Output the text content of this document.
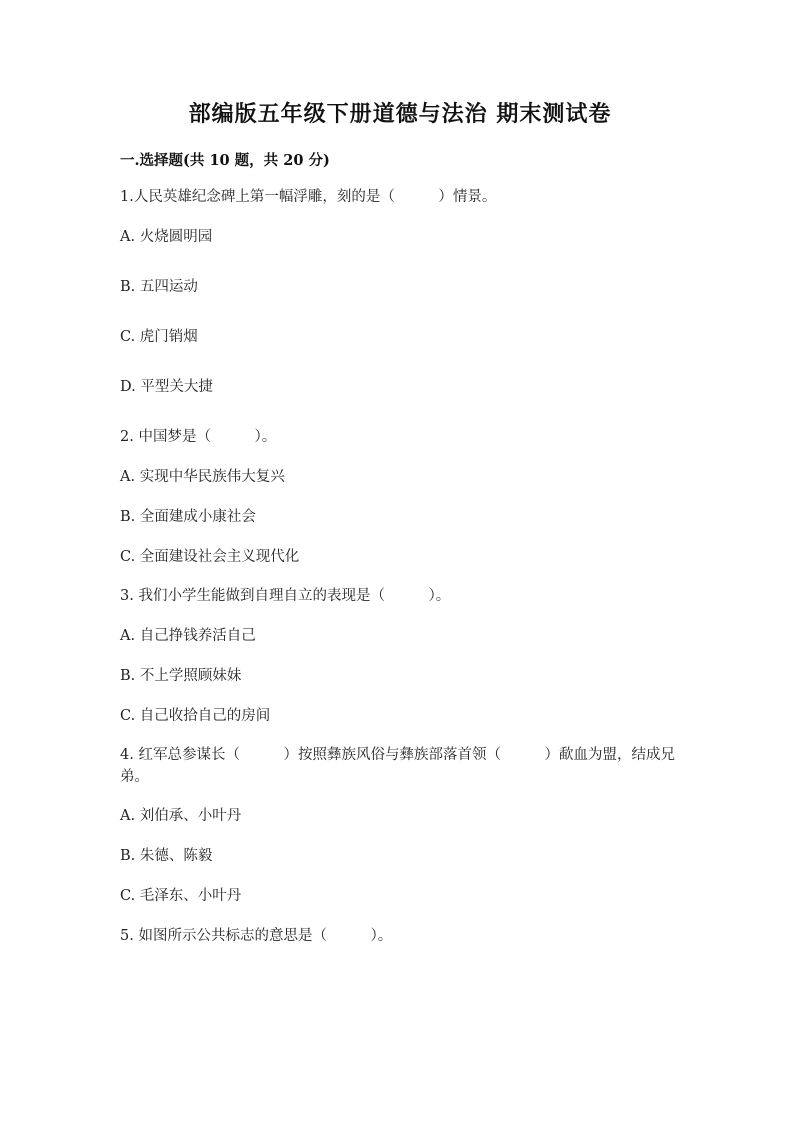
部编版五年级下册道德与法治 期末测试卷
一.选择题(共 10 题，共 20 分)
1.人民英雄纪念碑上第一幅浮雕，刻的是（　　　）情景。
A. 火烧圆明园
B. 五四运动
C. 虎门销烟
D. 平型关大捷
2. 中国梦是（　　　）。
A. 实现中华民族伟大复兴
B. 全面建成小康社会
C. 全面建设社会主义现代化
3. 我们小学生能做到自理自立的表现是（　　　）。
A. 自己挣钱养活自己
B. 不上学照顾妹妹
C. 自己收拾自己的房间
4. 红军总参谋长（　　　）按照彝族风俗与彝族部落首领（　　　）歃血为盟，结成兄弟。
A. 刘伯承、小叶丹
B. 朱德、陈毅
C. 毛泽东、小叶丹
5. 如图所示公共标志的意思是（　　　）。
